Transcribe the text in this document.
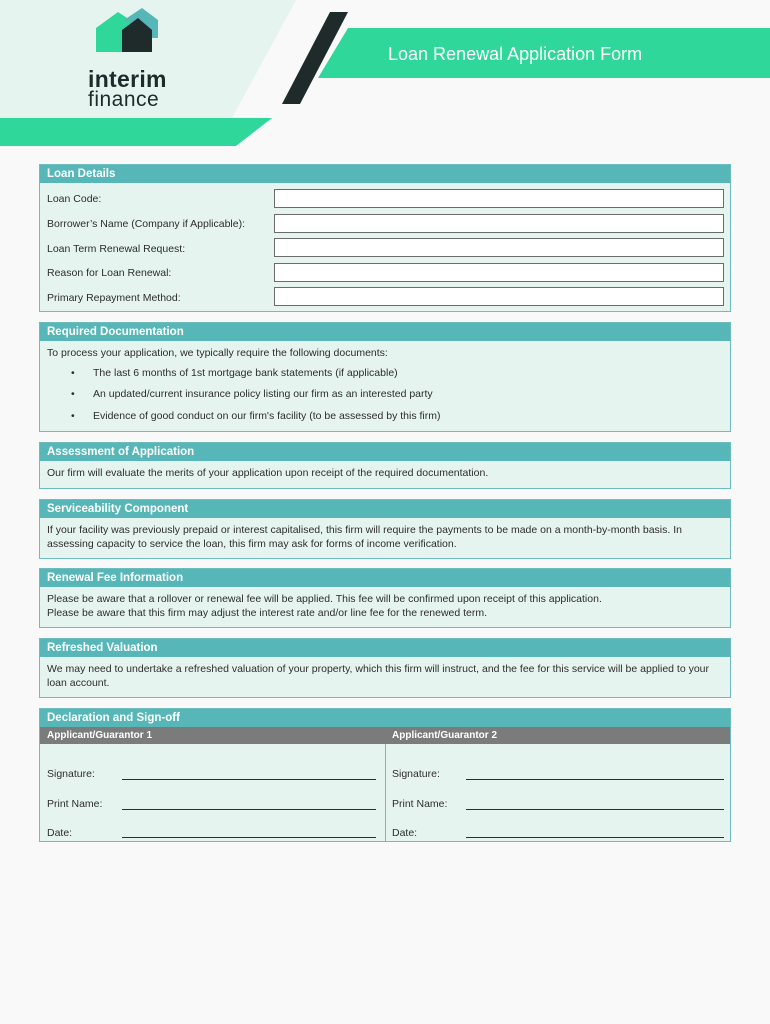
interim
finance
Loan Renewal Application Form
Loan Details
Loan Code:
Borrower’s Name (Company if Applicable):
Loan Term Renewal Request:
Reason for Loan Renewal:
Primary Repayment Method:
Required Documentation
To process your application, we typically require the following documents:
• The last 6 months of 1st mortgage bank statements (if applicable)
• An updated/current insurance policy listing our firm as an interested party
• Evidence of good conduct on our firm's facility (to be assessed by this firm)
Assessment of Application
Our firm will evaluate the merits of your application upon receipt of the required documentation.
Serviceability Component
If your facility was previously prepaid or interest capitalised, this firm will require the payments to be made on a month-by-month basis. In assessing capacity to service the loan, this firm may ask for forms of income verification.
Renewal Fee Information
Please be aware that a rollover or renewal fee will be applied. This fee will be confirmed upon receipt of this application.
Please be aware that this firm may adjust the interest rate and/or line fee for the renewed term.
Refreshed Valuation
We may need to undertake a refreshed valuation of your property, which this firm will instruct, and the fee for this service will be applied to your loan account.
Declaration and Sign-off
Applicant/Guarantor 1	Applicant/Guarantor 2
Signature:
Print Name:
Date:
Signature:
Print Name:
Date:
